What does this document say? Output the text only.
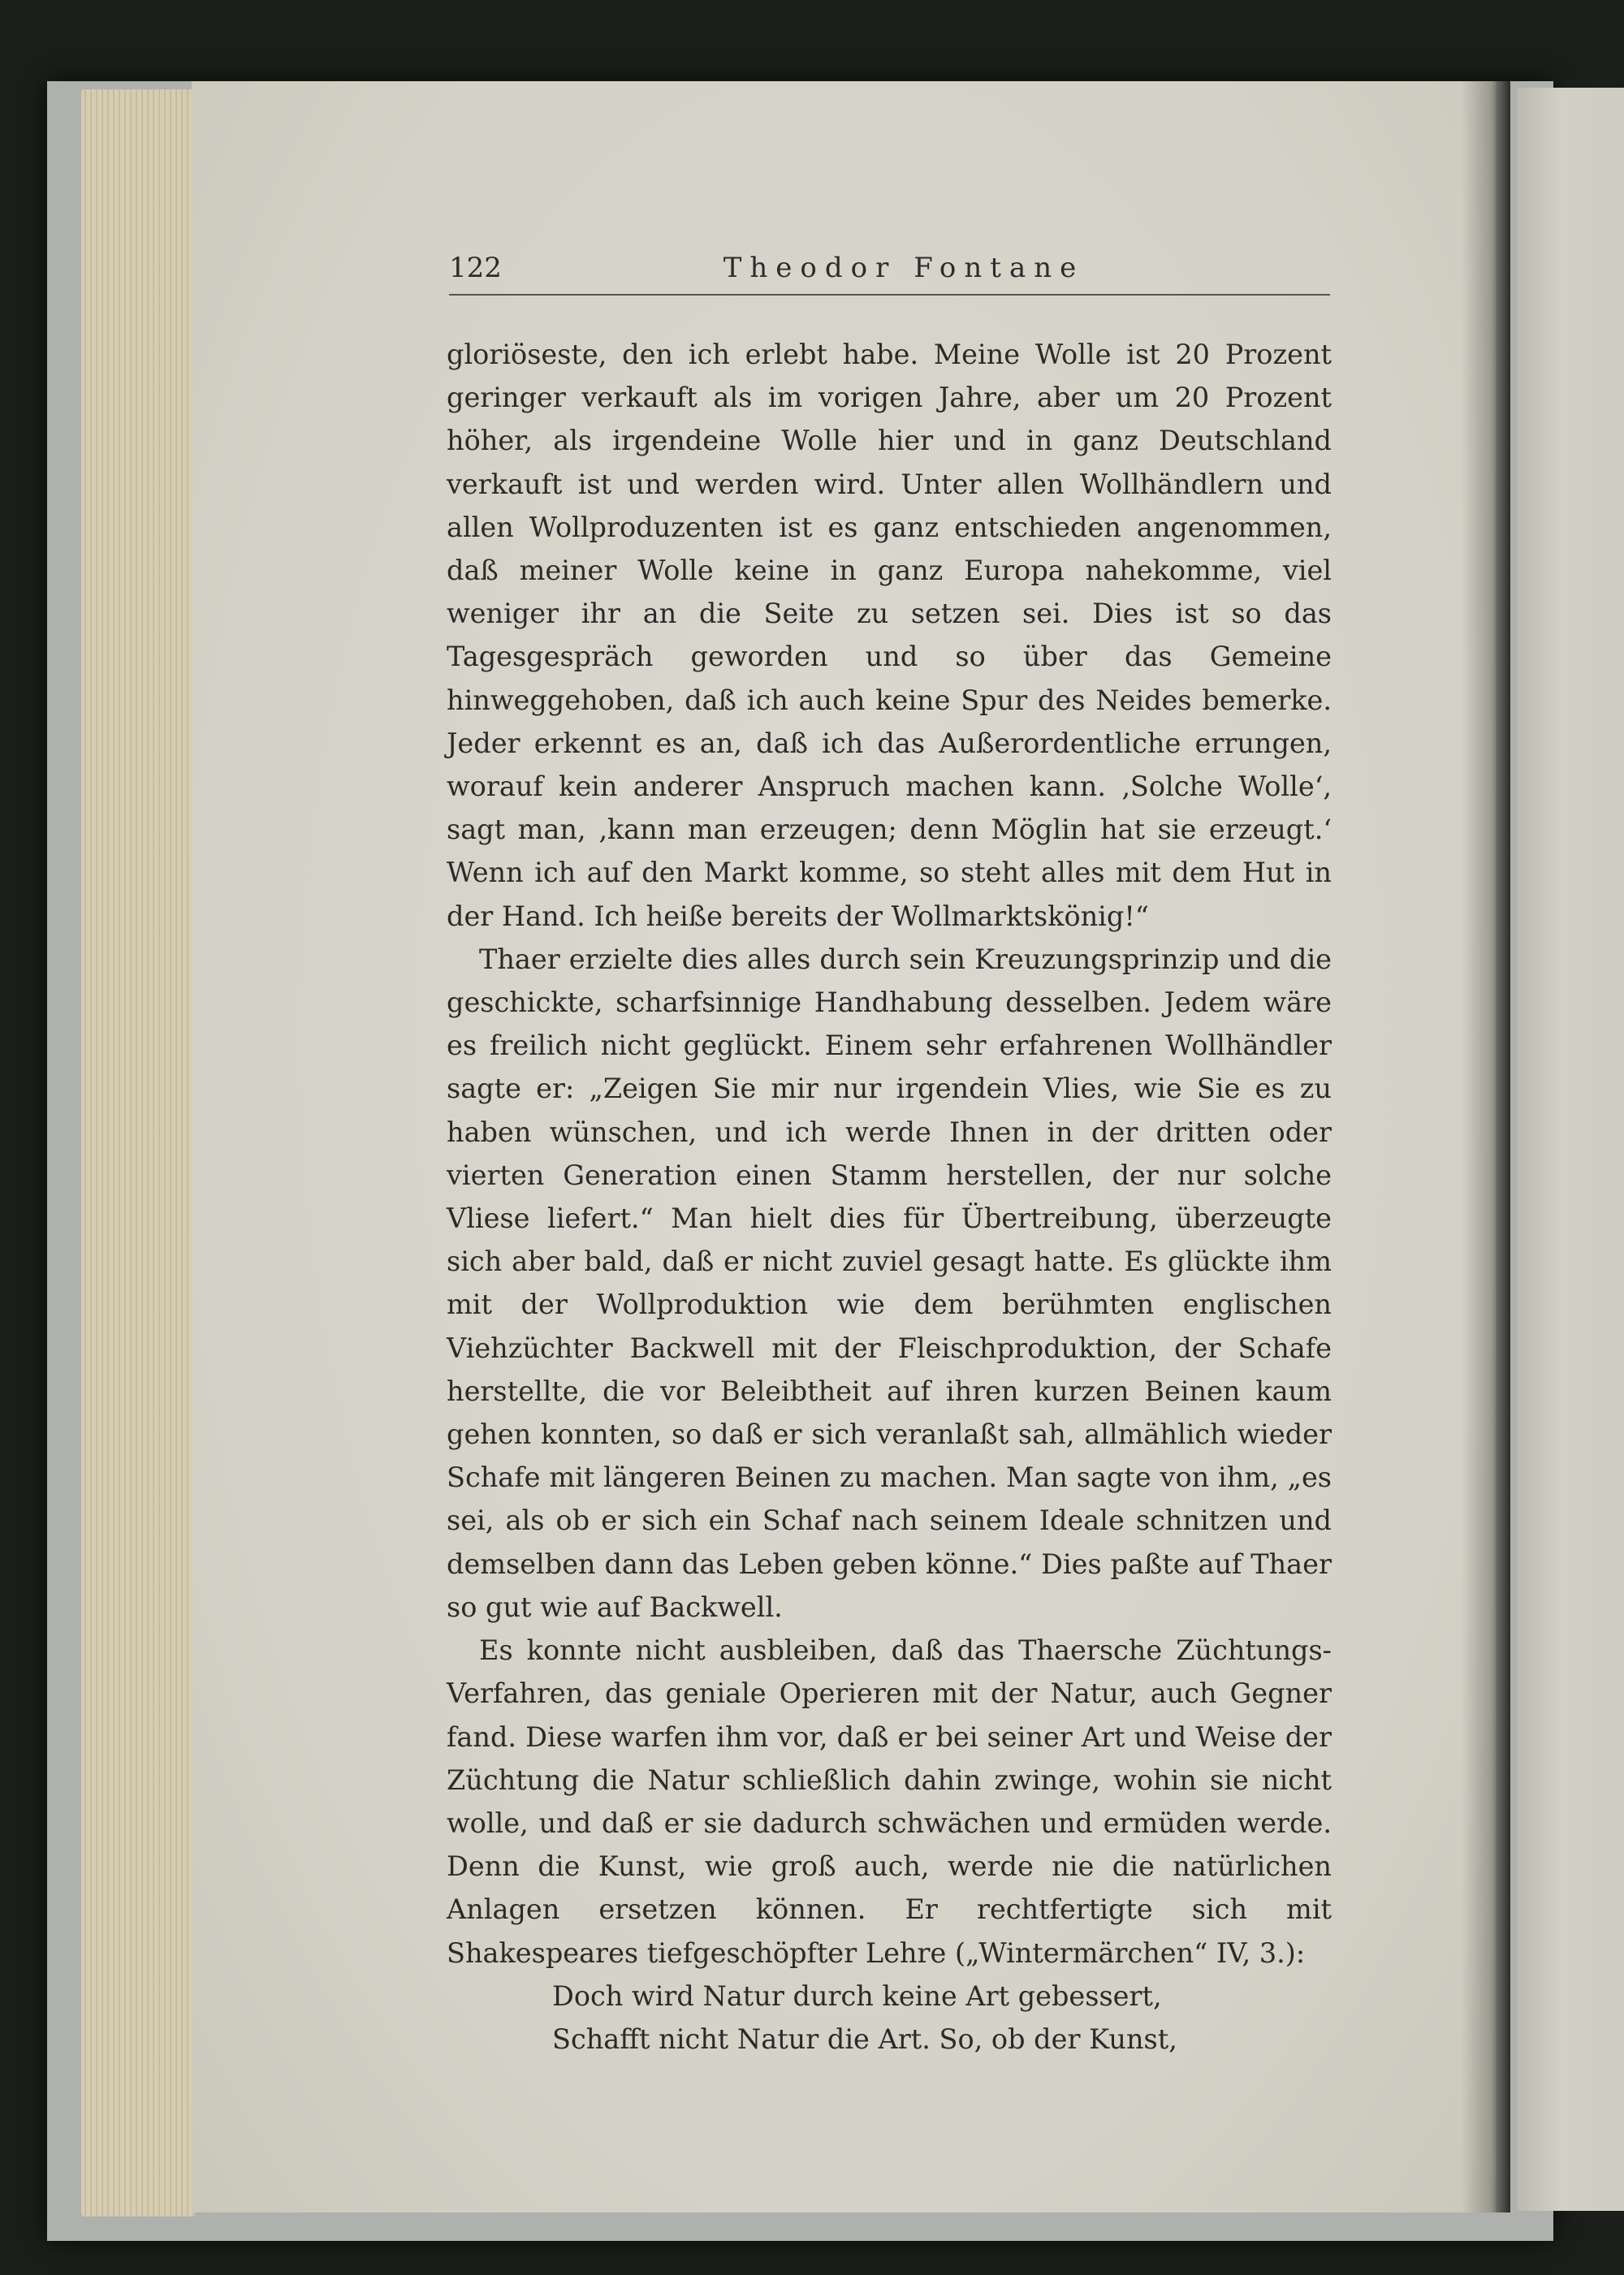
122	Theodor Fontane

gloriöseste, den ich erlebt habe. Meine Wolle ist 20 Prozent geringer verkauft als im vorigen Jahre, aber um 20 Prozent höher, als irgendeine Wolle hier und in ganz Deutschland verkauft ist und werden wird. Unter allen Wollhändlern und allen Wollproduzenten ist es ganz entschieden angenommen, daß meiner Wolle keine in ganz Europa nahekomme, viel weniger ihr an die Seite zu setzen sei. Dies ist so das Tagesgespräch geworden und so über das Gemeine hinweggehoben, daß ich auch keine Spur des Neides bemerke. Jeder erkennt es an, daß ich das Außerordentliche errungen, worauf kein anderer Anspruch machen kann. ‚Solche Wolle‘, sagt man, ‚kann man erzeugen; denn Möglin hat sie erzeugt.‘ Wenn ich auf den Markt komme, so steht alles mit dem Hut in der Hand. Ich heiße bereits der Wollmarktskönig!“

Thaer erzielte dies alles durch sein Kreuzungsprinzip und die geschickte, scharfsinnige Handhabung desselben. Jedem wäre es freilich nicht geglückt. Einem sehr erfahrenen Wollhändler sagte er: „Zeigen Sie mir nur irgendein Vlies, wie Sie es zu haben wünschen, und ich werde Ihnen in der dritten oder vierten Generation einen Stamm herstellen, der nur solche Vliese liefert.“ Man hielt dies für Übertreibung, überzeugte sich aber bald, daß er nicht zuviel gesagt hatte. Es glückte ihm mit der Wollproduktion wie dem berühmten englischen Viehzüchter Backwell mit der Fleischproduktion, der Schafe herstellte, die vor Beleibtheit auf ihren kurzen Beinen kaum gehen konnten, so daß er sich veranlaßt sah, allmählich wieder Schafe mit längeren Beinen zu machen. Man sagte von ihm, „es sei, als ob er sich ein Schaf nach seinem Ideale schnitzen und demselben dann das Leben geben könne.“ Dies paßte auf Thaer so gut wie auf Backwell.

Es konnte nicht ausbleiben, daß das Thaersche Züchtungs-Verfahren, das geniale Operieren mit der Natur, auch Gegner fand. Diese warfen ihm vor, daß er bei seiner Art und Weise der Züchtung die Natur schließlich dahin zwinge, wohin sie nicht wolle, und daß er sie dadurch schwächen und ermüden werde. Denn die Kunst, wie groß auch, werde nie die natürlichen Anlagen ersetzen können. Er rechtfertigte sich mit Shakespeares tiefgeschöpfter Lehre („Wintermärchen“ IV, 3.):

Doch wird Natur durch keine Art gebessert,
Schafft nicht Natur die Art. So, ob der Kunst,
